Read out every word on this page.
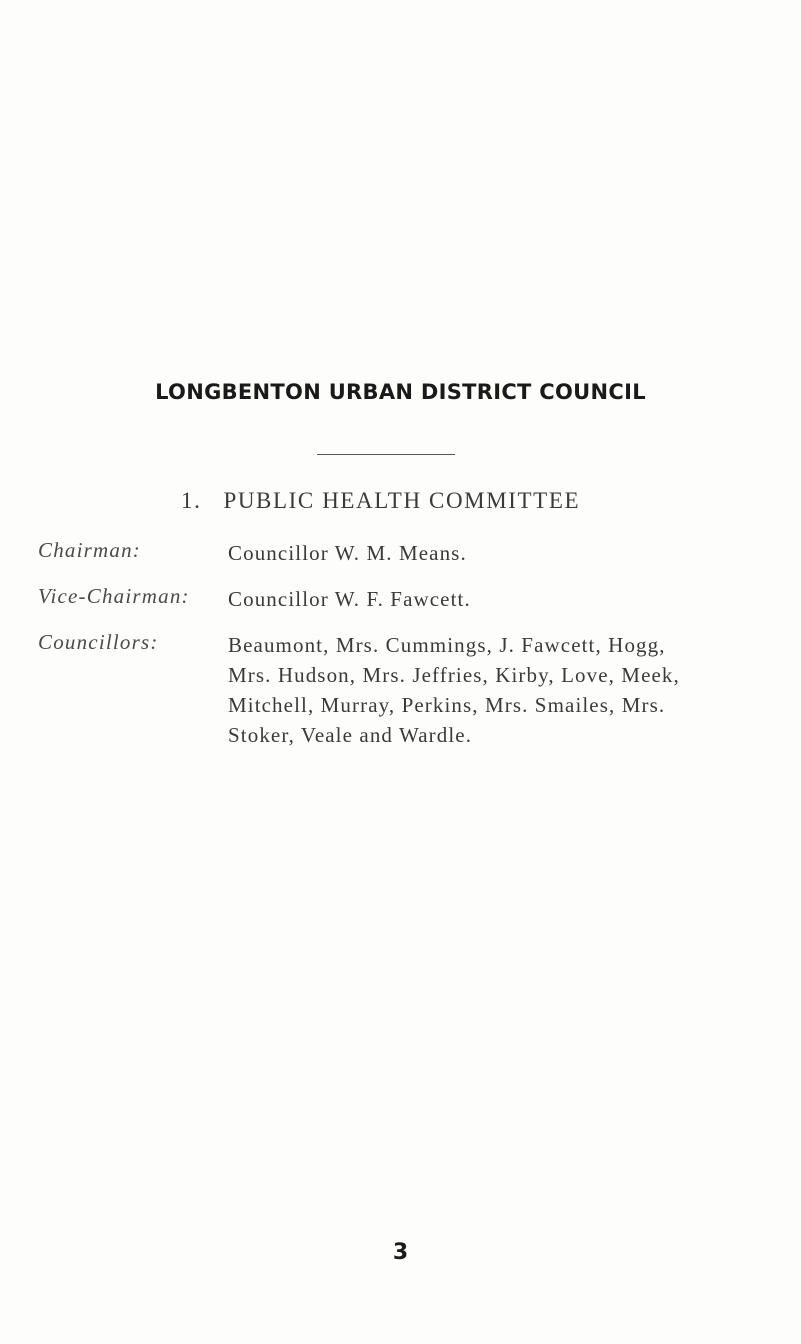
LONGBENTON URBAN DISTRICT COUNCIL
1. PUBLIC HEALTH COMMITTEE
Chairman:	Councillor W. M. Means.
Vice-Chairman: Councillor W. F. Fawcett.
Councillors:	Beaumont, Mrs. Cummings, J. Fawcett, Hogg,
Mrs. Hudson, Mrs. Jeffries, Kirby, Love, Meek,
Mitchell, Murray, Perkins, Mrs. Smailes, Mrs.
Stoker, Veale and Wardle.
3
